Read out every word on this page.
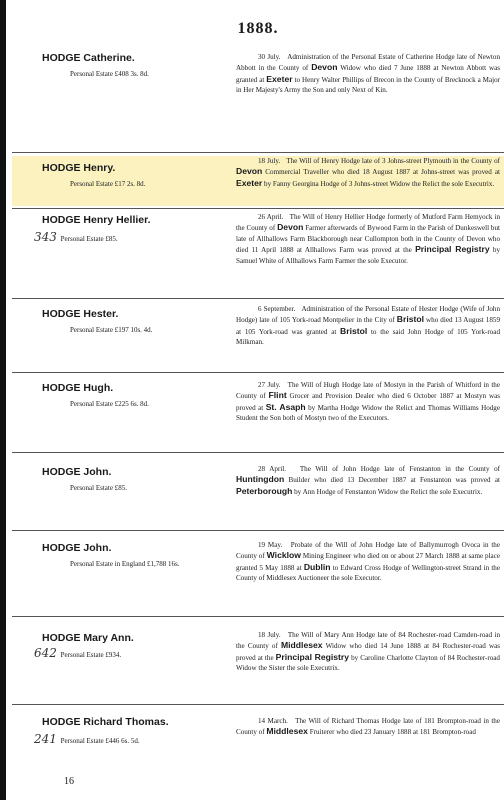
1888.
HODGE Catherine.
Personal Estate £408 3s. 8d.
30 July. Administration of the Personal Estate of Catherine Hodge late of Newton Abbott in the County of Devon Widow who died 7 June 1888 at Newton Abbott was granted at Exeter to Henry Walter Phillips of Brecon in the County of Brecknock a Major in Her Majesty's Army the Son and only Next of Kin.
HODGE Henry.
Personal Estate £17 2s. 8d.
18 July. The Will of Henry Hodge late of 3 Johns-street Plymouth in the County of Devon Commercial Traveller who died 18 August 1887 at Johns-street was proved at Exeter by Fanny Georgina Hodge of 3 Johns-street Widow the Relict the sole Executrix.
HODGE Henry Hellier.
343 Personal Estate £85.
26 April. The Will of Henry Hellier Hodge formerly of Mutford Farm Hemyock in the County of Devon Farmer afterwards of Bywood Farm in the Parish of Dunkeswell but late of Allhallows Farm Blackborough near Cullompton both in the County of Devon who died 11 April 1888 at Allhallows Farm was proved at the Principal Registry by Samuel White of Allhallows Farm Farmer the sole Executor.
HODGE Hester.
Personal Estate £197 10s. 4d.
6 September. Administration of the Personal Estate of Hester Hodge (Wife of John Hodge) late of 105 York-road Montpelier in the City of Bristol who died 13 August 1859 at 105 York-road was granted at Bristol to the said John Hodge of 105 York-road Milkman.
HODGE Hugh.
Personal Estate £225 6s. 8d.
27 July. The Will of Hugh Hodge late of Mostyn in the Parish of Whitford in the County of Flint Grocer and Provision Dealer who died 6 October 1887 at Mostyn was proved at St. Asaph by Martha Hodge Widow the Relict and Thomas Williams Hodge Student the Son both of Mostyn two of the Executors.
HODGE John.
Personal Estate £85.
28 April. The Will of John Hodge late of Fenstanton in the County of Huntingdon Builder who died 13 December 1887 at Fenstanton was proved at Peterborough by Ann Hodge of Fenstanton Widow the Relict the sole Executrix.
HODGE John.
Personal Estate in England £1,788 16s.
19 May. Probate of the Will of John Hodge late of Ballymurrogh Ovoca in the County of Wicklow Mining Engineer who died on or about 27 March 1888 at same place granted 5 May 1888 at Dublin to Edward Cross Hodge of Wellington-street Strand in the County of Middlesex Auctioneer the sole Executor.
HODGE Mary Ann.
642 Personal Estate £934.
18 July. The Will of Mary Ann Hodge late of 84 Rochester-road Camden-road in the County of Middlesex Widow who died 14 June 1888 at 84 Rochester-road was proved at the Principal Registry by Caroline Charlotte Clayton of 84 Rochester-road Widow the Sister the sole Executrix.
HODGE Richard Thomas.
241 Personal Estate £446 6s. 5d.
14 March. The Will of Richard Thomas Hodge late of 181 Brompton-road in the County of Middlesex Fruiterer who died 23 January 1888 at 181 Brompton-road
16
